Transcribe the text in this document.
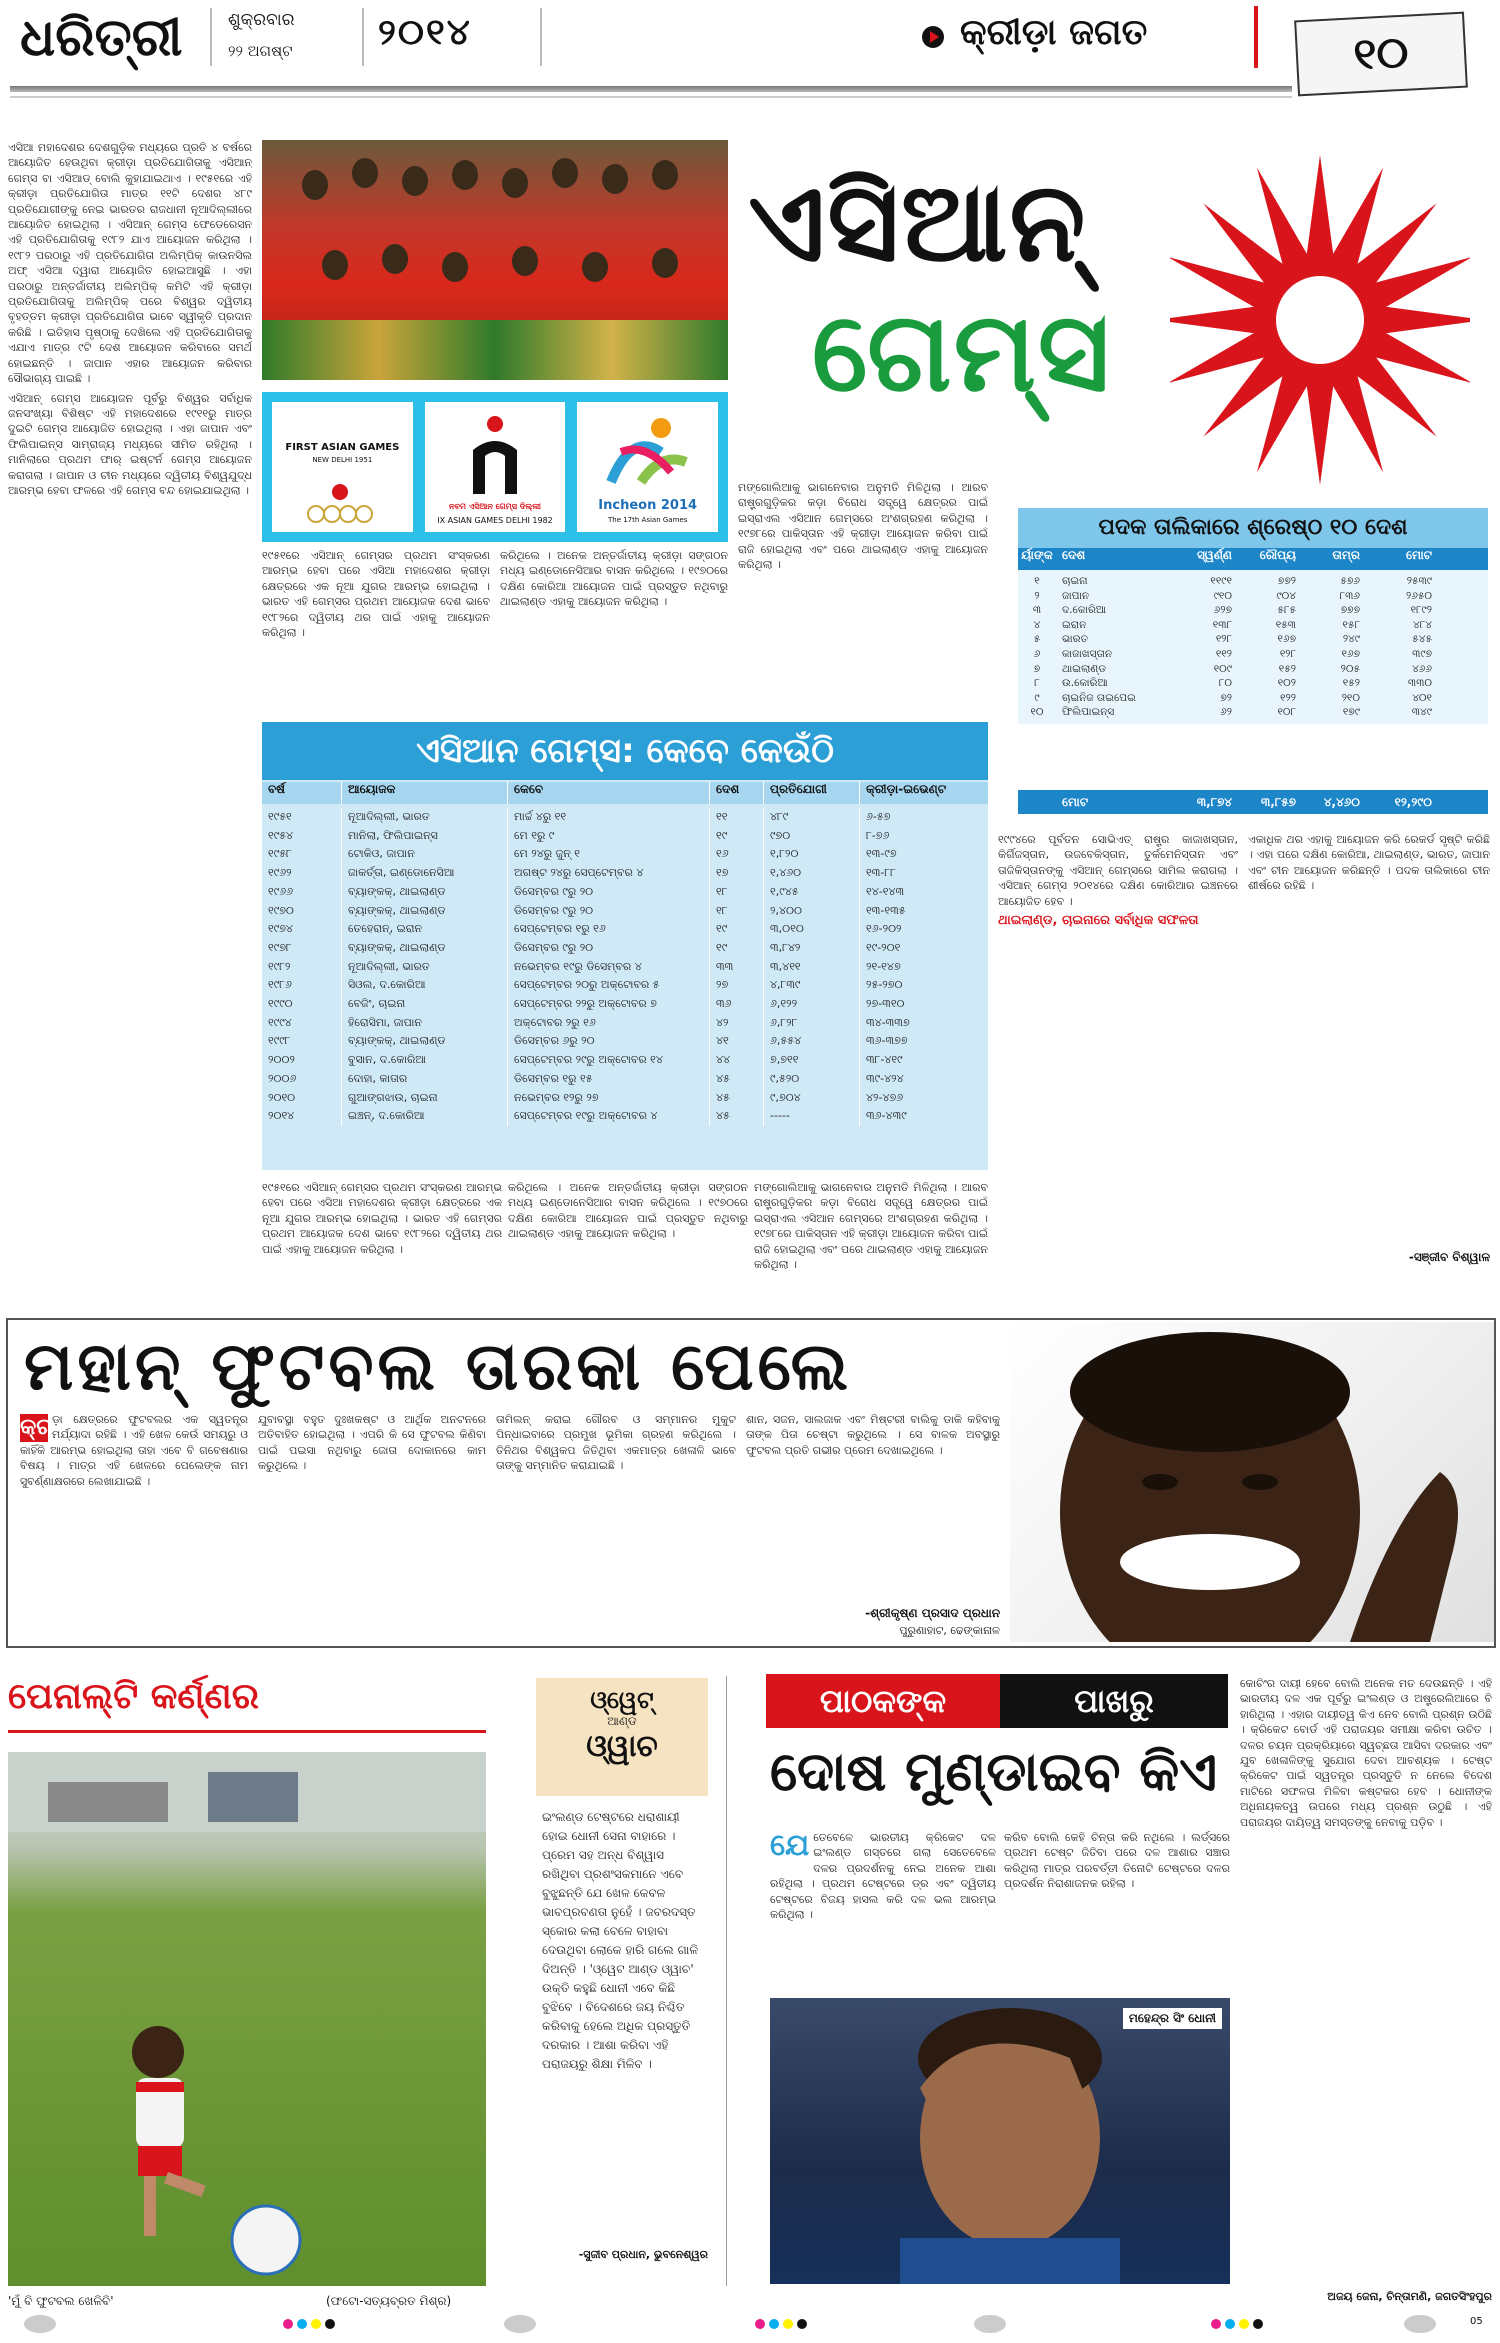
ଧରିତ୍ରୀ	ଶୁକ୍ରବାର
୨୨ ଅଗଷ୍ଟ ୨୦୧୪	କ୍ରୀଡ଼ା ଜଗତ	୧୦

ଏସିଆ ମହାଦେଶର ଦେଶଗୁଡ଼ିକ ମଧ୍ୟରେ ପ୍ରତି ୪ ବର୍ଷରେ ଆୟୋଜିତ ହେଉଥିବା କ୍ରୀଡ଼ା ପ୍ରତିଯୋଗିତାକୁ ଏସିଆନ୍ ଗେମ୍ସ ବା ଏସିଆଡ୍ ବୋଲି କୁହାଯାଇଥାଏ । ୧୯୫୧ରେ ଏହି କ୍ରୀଡ଼ା ପ୍ରତିଯୋଗିତା ମାତ୍ର ୧୧ଟି ଦେଶର ୪୮୯ ପ୍ରତିଯୋଗୀଙ୍କୁ ନେଇ ଭାରତର ରାଜଧାନୀ ନୂଆଦିଲ୍ଲୀରେ ଆୟୋଜିତ ହୋଇଥିଲା । ଏସିଆନ୍ ଗେମ୍ସ ଫେଡେରେସନ ଏହି ପ୍ରତିଯୋଗିତାକୁ ୧୯୮୨ ଯାଏ ଆୟୋଜନ କରିଥିଲା । ୧୯୮୨ ପରଠାରୁ ଏହି ପ୍ରତିଯୋଗିତା ଅଲିମ୍ପିକ୍ କାଉନସିଲ ଅଫ୍ ଏସିଆ ଦ୍ୱାରା ଆୟୋଜିତ ହୋଇଆସୁଛି । ଏହା ପରଠାରୁ ଅନ୍ତର୍ଜାତୀୟ ଅଲିମ୍ପିକ୍ କମିଟି ଏହି କ୍ରୀଡ଼ା ପ୍ରତିଯୋଗିତାକୁ ଅଲିମ୍ପିକ୍ ପରେ ବିଶ୍ୱର ଦ୍ୱିତୀୟ ବୃହତ୍ତମ କ୍ରୀଡ଼ା ପ୍ରତିଯୋଗିତା ଭାବେ ସ୍ୱୀକୃତି ପ୍ରଦାନ କରିଛି । ଇତିହାସ ପୃଷ୍ଠାକୁ ଦେଖିଲେ ଏହି ପ୍ରତିଯୋଗିତାକୁ ଏଯାଏ ମାତ୍ର ୯ଟି ଦେଶ ଆୟୋଜନ କରିବାରେ ସମର୍ଥ ହୋଇଛନ୍ତି । ଜାପାନ ଏହାର ଆୟୋଜନ କରିବାର ସୌଭାଗ୍ୟ ପାଇଛି ।

ଏସିଆନ୍ ଗେମ୍ସ ଆୟୋଜନ ପୂର୍ବରୁ ବିଶ୍ୱର ସର୍ବାଧିକ ଜନସଂଖ୍ୟା ବିଶିଷ୍ଟ ଏହି ମହାଦେଶରେ ୧୯୧୧ରୁ ମାତ୍ର ଦୁଇଟି ଗେମ୍ସ ଆୟୋଜିତ ହୋଇଥିଲା । ଏହା ଜାପାନ ଏବଂ ଫିଲିପାଇନ୍ସ ସାମ୍ରାଜ୍ୟ ମଧ୍ୟରେ ସୀମିତ ରହିଥିଲା । ମାନିଲାରେ ପ୍ରଥମ ଫାର୍ ଇଷ୍ଟର୍ନ ଗେମ୍ସ ଆୟୋଜନ କରାଗଲା । ଜାପାନ ଓ ଚୀନ ମଧ୍ୟରେ ଦ୍ୱିତୀୟ ବିଶ୍ୱଯୁଦ୍ଧ ଆରମ୍ଭ ହେବା ଫଳରେ ଏହି ଗେମ୍ସ ବନ୍ଦ ହୋଇଯାଇଥିଲା ।

FIRST ASIAN GAMES
NEW DELHI 1951
ନବମ ଏସିଆନ ଗେମ୍ସ ଦିଲ୍ଲୀ
IX ASIAN GAMES DELHI 1982
Incheon 2014
The 17th Asian Games
ଏସିଆନ୍
ଗେମ୍ସ

୧୯୫୧ରେ ଏସିଆନ୍ ଗେମ୍ସର ପ୍ରଥମ ସଂସ୍କରଣ ଆରମ୍ଭ ହେବା ପରେ ଏସିଆ ମହାଦେଶର କ୍ରୀଡ଼ା କ୍ଷେତ୍ରରେ ଏକ ନୂଆ ଯୁଗର ଆରମ୍ଭ ହୋଇଥିଲା । ଭାରତ ଏହି ଗେମ୍ସର ପ୍ରଥମ ଆୟୋଜକ ଦେଶ ଭାବେ ୧୯୮୨ରେ ଦ୍ୱିତୀୟ ଥର ପାଇଁ ଏହାକୁ ଆୟୋଜନ କରିଥିଲା ।

କରିଥିଲେ । ଅନେକ ଅନ୍ତର୍ଜାତୀୟ କ୍ରୀଡ଼ା ସଙ୍ଗଠନ ମଧ୍ୟ ଇଣ୍ଡୋନେସିଆର ବାସନ କରିଥିଲେ । ୧୯୭୦ରେ ଦକ୍ଷିଣ କୋରିଆ ଆୟୋଜନ ପାଇଁ ପ୍ରସ୍ତୁତ ନଥିବାରୁ ଥାଇଲାଣ୍ଡ ଏହାକୁ ଆୟୋଜନ କରିଥିଲା ।

ମଙ୍ଗୋଲିଆକୁ ଭାଗନେବାର ଅନୁମତି ମିଳିଥିଲା । ଆରବ ରାଷ୍ଟ୍ରଗୁଡ଼ିକର କଡ଼ା ବିରୋଧ ସତ୍ତ୍ୱେ କ୍ଷେତ୍ରର ପାଇଁ ଇସ୍ରାଏଲ ଏସିଆନ ଗେମ୍ସରେ ଅଂଶଗ୍ରହଣ କରିଥିଲା । ୧୯୭୮ରେ ପାକିସ୍ତାନ ଏହି କ୍ରୀଡ଼ା ଆୟୋଜନ କରିବା ପାଇଁ ରାଜି ହୋଇଥିଲା ଏବଂ ପରେ ଥାଇଲାଣ୍ଡ ଏହାକୁ ଆୟୋଜନ କରିଥିଲା ।

ପଦକ ତାଲିକାରେ ଶ୍ରେଷ୍ଠ ୧୦ ଦେଶ
ର୍ୟାଙ୍କ ଦେଶ	ସ୍ୱର୍ଣ୍ଣ	ରୌପ୍ୟ	ତାମ୍ର	ମୋଟ
୧	ଚାଇନା	୧୧୯୧	୭୭୨	୫୭୬	୨୫୩୯
୨	ଜାପାନ	୯୧୦	୯୦୪	୮୩୬	୨୬୫୦
୩	ଦ.କୋରିଆ	୬୨୭	୫୮୫	୭୭୭	୧୮୯୨
୪	ଇରାନ	୧୩୮	୧୫୩	୧୫୮	୪୮୪
୫	ଭାରତ	୧୨୮	୧୬୭	୨୪୯	୫୪୫
୬	କାଜାଖସ୍ତାନ	୧୧୨	୧୨୮	୧୬୭	୩୯୭
୭	ଥାଇଲାଣ୍ଡ	୧୦୯	୧୫୨	୨୦୫	୪୬୬
୮	ଉ.କୋରିଆ	୮୦	୧୦୨	୧୫୨	୩୩୦
୯	ଚାଇନିଜ ତାଇପେଇ	୭୨	୧୨୨	୨୧୦	୪୦୧
୧୦	ଫିଲିପାଇନ୍ସ	୬୨	୧୦୮	୧୭୯	୩୪୯
ମୋଟ	୩,୮୭୪	୩,୮୫୭	୪,୪୬୦	୧୨,୨୯୦
ଏସିଆନ ଗେମ୍ସ: କେବେ କେଉଁଠି
ବର୍ଷ	ଆୟୋଜକ	କେବେ	ଦେଶ	ପ୍ରତିଯୋଗୀ	କ୍ରୀଡ଼ା-ଇଭେଣ୍ଟ
୧୯୫୧	ନୂଆଦିଲ୍ଲୀ, ଭାରତ	ମାର୍ଚ୍ଚ ୪ରୁ ୧୧	୧୧	୪୮୯	୬-୫୭
୧୯୫୪	ମାନିଲା, ଫିଲିପାଇନ୍ସ	ମେ ୧ରୁ ୯	୧୯	୯୭୦	୮-୭୬
୧୯୫୮	ଟୋକିଓ, ଜାପାନ	ମେ ୨୪ରୁ ଜୁନ୍ ୧	୧୬	୧,୮୨୦	୧୩-୯୭
୧୯୬୨	ଜାକର୍ତ୍ତା, ଇଣ୍ଡୋନେସିଆ	ଅଗଷ୍ଟ ୨୪ରୁ ସେପ୍ଟେମ୍ବର ୪	୧୭	୧,୪୬୦	୧୩-୮୮
୧୯୬୬	ବ୍ୟାଙ୍କକ୍, ଥାଇଲାଣ୍ଡ	ଡିସେମ୍ବର ୯ରୁ ୨୦	୧୮	୧,୯୪୫	୧୪-୧୪୩
୧୯୭୦	ବ୍ୟାଙ୍କକ୍, ଥାଇଲାଣ୍ଡ	ଡିସେମ୍ବର ୯ରୁ ୨୦	୧୮	୨,୪୦୦	୧୩-୧୩୫
୧୯୭୪	ତେହେରାନ୍, ଇରାନ	ସେପ୍ଟେମ୍ବର ୧ରୁ ୧୬	୧୯	୩,୦୧୦	୧୬-୨୦୨
୧୯୭୮	ବ୍ୟାଙ୍କକ୍, ଥାଇଲାଣ୍ଡ	ଡିସେମ୍ବର ୯ରୁ ୨୦	୧୯	୩,୮୪୨	୧୯-୨୦୧
୧୯୮୨	ନୂଆଦିଲ୍ଲୀ, ଭାରତ	ନଭେମ୍ବର ୧୯ରୁ ଡିସେମ୍ବର ୪	୩୩	୩,୪୧୧	୨୧-୧୪୭
୧୯୮୬	ସିଓଲ, ଦ.କୋରିଆ	ସେପ୍ଟେମ୍ବର ୨୦ରୁ ଅକ୍ଟୋବର ୫	୨୭	୪,୮୩୯	୨୫-୨୭୦
୧୯୯୦	ବେଜିଂ, ଚାଇନା	ସେପ୍ଟେମ୍ବର ୨୨ରୁ ଅକ୍ଟୋବର ୭	୩୬	୬,୧୨୨	୨୭-୩୧୦
୧୯୯୪	ହିରୋସିମା, ଜାପାନ	ଅକ୍ଟୋବର ୨ରୁ ୧୬	୪୨	୬,୮୨୮	୩୪-୩୩୭
୧୯୯୮	ବ୍ୟାଙ୍କକ୍, ଥାଇଲାଣ୍ଡ	ଡିସେମ୍ବର ୬ରୁ ୨୦	୪୧	୬,୫୫୪	୩୬-୩୭୭
୨୦୦୨	ବୁସାନ, ଦ.କୋରିଆ	ସେପ୍ଟେମ୍ବର ୨୯ରୁ ଅକ୍ଟୋବର ୧୪	୪୪	୭,୭୧୧	୩୮-୪୧୯
୨୦୦୬	ଦୋହା, କାତାର	ଡିସେମ୍ବର ୧ରୁ ୧୫	୪୫	୯,୫୨୦	୩୯-୪୨୪
୨୦୧୦	ଗୁଆଙ୍ଗଝାଉ, ଚାଇନା	ନଭେମ୍ବର ୧୨ରୁ ୨୭	୪୫	୯,୭୦୪	୪୨-୪୭୬
୨୦୧୪	ଇଞ୍ଚନ୍, ଦ.କୋରିଆ	ସେପ୍ଟେମ୍ବର ୧୯ରୁ ଅକ୍ଟୋବର ୪	୪୫	-----	୩୬-୪୩୯

୧୯୯୪ରେ ପୂର୍ବତନ ସୋଭିଏତ୍ ରାଷ୍ଟ୍ର କାଜାଖସ୍ତାନ, କିର୍ଗିଜସ୍ତାନ, ଉଜବେକିସ୍ତାନ, ତୁର୍କମେନିସ୍ତାନ ଏବଂ ତାଜିକିସ୍ତାନଙ୍କୁ ଏସିଆନ୍ ଗେମ୍ସରେ ସାମିଲ କରାଗଲା । ଏସିଆନ୍ ଗେମ୍ସ ୨୦୧୪ରେ ଦକ୍ଷିଣ କୋରିଆର ଇଞ୍ଚନରେ ଆୟୋଜିତ ହେବ ।

ଥାଇଲାଣ୍ଡ, ଚାଇନାରେ ସର୍ବାଧିକ ସଫଳତା

ଏକାଧିକ ଥର ଏହାକୁ ଆୟୋଜନ କରି ରେକର୍ଡ ସୃଷ୍ଟି କରିଛି । ଏହା ପରେ ଦକ୍ଷିଣ କୋରିଆ, ଥାଇଲାଣ୍ଡ, ଭାରତ, ଜାପାନ ଏବଂ ଚୀନ ଆୟୋଜନ କରିଛନ୍ତି । ପଦକ ତାଲିକାରେ ଚୀନ ଶୀର୍ଷରେ ରହିଛି ।

-ସଞ୍ଜୀବ ବିଶ୍ୱାଳ

୧୯୫୧ରେ ଏସିଆନ୍ ଗେମ୍ସର ପ୍ରଥମ ସଂସ୍କରଣ ଆରମ୍ଭ ହେବା ପରେ ଏସିଆ ମହାଦେଶର କ୍ରୀଡ଼ା କ୍ଷେତ୍ରରେ ଏକ ନୂଆ ଯୁଗର ଆରମ୍ଭ ହୋଇଥିଲା । ଭାରତ ଏହି ଗେମ୍ସର ପ୍ରଥମ ଆୟୋଜକ ଦେଶ ଭାବେ ୧୯୮୨ରେ ଦ୍ୱିତୀୟ ଥର ପାଇଁ ଏହାକୁ ଆୟୋଜନ କରିଥିଲା ।

କରିଥିଲେ । ଅନେକ ଅନ୍ତର୍ଜାତୀୟ କ୍ରୀଡ଼ା ସଙ୍ଗଠନ ମଧ୍ୟ ଇଣ୍ଡୋନେସିଆର ବାସନ କରିଥିଲେ । ୧୯୭୦ରେ ଦକ୍ଷିଣ କୋରିଆ ଆୟୋଜନ ପାଇଁ ପ୍ରସ୍ତୁତ ନଥିବାରୁ ଥାଇଲାଣ୍ଡ ଏହାକୁ ଆୟୋଜନ କରିଥିଲା ।

ମଙ୍ଗୋଲିଆକୁ ଭାଗନେବାର ଅନୁମତି ମିଳିଥିଲା । ଆରବ ରାଷ୍ଟ୍ରଗୁଡ଼ିକର କଡ଼ା ବିରୋଧ ସତ୍ତ୍ୱେ କ୍ଷେତ୍ରର ପାଇଁ ଇସ୍ରାଏଲ ଏସିଆନ ଗେମ୍ସରେ ଅଂଶଗ୍ରହଣ କରିଥିଲା । ୧୯୭୮ରେ ପାକିସ୍ତାନ ଏହି କ୍ରୀଡ଼ା ଆୟୋଜନ କରିବା ପାଇଁ ରାଜି ହୋଇଥିଲା ଏବଂ ପରେ ଥାଇଲାଣ୍ଡ ଏହାକୁ ଆୟୋଜନ କରିଥିଲା ।

ମହାନ୍ ଫୁଟବଲ ତାରକା ପେଲେ
କ୍ରୀ
ଡ଼ା କ୍ଷେତ୍ରରେ ଫୁଟବଲର ଏକ ସ୍ୱତନ୍ତ୍ର ମର୍ଯ୍ୟାଦା ରହିଛି । ଏହି ଖେଳ କେଉଁ ସମୟରୁ ଓ କାହିଁକି ଆରମ୍ଭ ହୋଇଥିଲା ତାହା ଏବେ ବି ଗବେଷଣାର ବିଷୟ । ମାତ୍ର ଏହି ଖେଳରେ ପେଲେଙ୍କ ନାମ ସୁବର୍ଣ୍ଣାକ୍ଷରରେ ଲେଖାଯାଇଛି ।

ଯୁବାବସ୍ଥା ବହୁତ ଦୁଃଖକଷ୍ଟ ଓ ଆର୍ଥିକ ଅନଟନରେ ଅତିବାହିତ ହୋଇଥିଲା । ଏପରି କି ସେ ଫୁଟବଲ କିଣିବା ପାଇଁ ପଇସା ନଥିବାରୁ ଜୋତା ଦୋକାନରେ କାମ କରୁଥିଲେ ।

ତାମିଲନ୍ କରାଇ ଗୌରବ ଓ ସମ୍ମାନର ମୁକୁଟ ପିନ୍ଧାଇବାରେ ପ୍ରମୁଖ ଭୂମିକା ଗ୍ରହଣ କରିଥିଲେ । ତିନିଥର ବିଶ୍ୱକପ ଜିତିଥିବା ଏକମାତ୍ର ଖେଳାଳି ଭାବେ ତାଙ୍କୁ ସମ୍ମାନିତ କରାଯାଇଛି ।

ଶାନ, ସଜନ, ସାଲଜାକ ଏବଂ ମିଷ୍ଟରୀ ବାଲିକୁ ଡାକି କହିବାକୁ ତାଙ୍କ ପିତା ଚେଷ୍ଟା କରୁଥିଲେ । ସେ ବାଳକ ଅବସ୍ଥାରୁ ଫୁଟବଲ ପ୍ରତି ଗଭୀର ପ୍ରେମ ଦେଖାଇଥିଲେ ।

-ଶ୍ରୀକୃଷ୍ଣ ପ୍ରସାଦ ପ୍ରଧାନ
ପୁରୁଣାହାଟ, ଢେଙ୍କାନାଳ
ପେନାଲ୍ଟି କର୍ଣ୍ଣର
'ମୁଁ ବି ଫୁଟବଲ ଖେଳିବି'	(ଫଟୋ-ସତ୍ୟବ୍ରତ ମିଶ୍ର)
ଓ୍ୱେଟ୍
ଆଣ୍ଡ
ଓ୍ୱାଚ
ଇଂଲଣ୍ଡ ଟେଷ୍ଟରେ ଧରାଶାୟୀ ହୋଇ ଧୋନୀ ସେନା ବାହାରେ । ପ୍ରେମ ସହ ଅନ୍ଧ ବିଶ୍ୱାସ ରଖିଥିବା ପ୍ରଶଂସକମାନେ ଏବେ ବୁଝୁଛନ୍ତି ଯେ ଖେଳ କେବଳ ଭାବପ୍ରବଣତା ନୁହେଁ । ଜବରଦସ୍ତ ସ୍କୋର କଲା ବେଳେ ବାହାବା ଦେଉଥିବା ଲୋକେ ହାରି ଗଲେ ଗାଳି ଦିଅନ୍ତି । 'ଓ୍ୱେଟ ଆଣ୍ଡ ଓ୍ୱାଚ' ଉକ୍ତି କହୁଛି ଧୋନୀ ଏବେ କିଛି ବୁଝିବେ । ବିଦେଶରେ ଜୟ ନିଶ୍ଚିତ କରିବାକୁ ହେଲେ ଅଧିକ ପ୍ରସ୍ତୁତି ଦରକାର । ଆଶା କରିବା ଏହି ପରାଜୟରୁ ଶିକ୍ଷା ମିଳିବ ।
-ସୁଜୀବ ପ୍ରଧାନ, ଭୁବନେଶ୍ୱର
ପାଠକଙ୍କ	ପାଖରୁ
ଦୋଷ ମୁଣ୍ଡାଇବ କିଏ
ଯେତେବେଳେ ଭାରତୀୟ କ୍ରିକେଟ ଦଳ ଇଂଲଣ୍ଡ ଗସ୍ତରେ ଗଲା ସେତେବେଳେ ଦଳର ପ୍ରଦର୍ଶନକୁ ନେଇ ଅନେକ ଆଶା ରହିଥିଲା । ପ୍ରଥମ ଟେଷ୍ଟରେ ଡ୍ର ଏବଂ ଦ୍ୱିତୀୟ ଟେଷ୍ଟରେ ବିଜୟ ହାସଲ କରି ଦଳ ଭଲ ଆରମ୍ଭ କରିଥିଲା ।

କରିବ ବୋଲି କେହି ଚିନ୍ତା କରି ନଥିଲେ । ଲର୍ଡ୍ସରେ ପ୍ରଥମ ଟେଷ୍ଟ ଜିତିବା ପରେ ଦଳ ଆଶାର ସଞ୍ଚାର କରିଥିଲା ମାତ୍ର ପରବର୍ତ୍ତୀ ତିନୋଟି ଟେଷ୍ଟରେ ଦଳର ପ୍ରଦର୍ଶନ ନିରାଶାଜନକ ରହିଲା ।

ମହେନ୍ଦ୍ର ସିଂ ଧୋନୀ

କୋଚିଂର ଦାୟୀ ହେବେ ବୋଲି ଅନେକ ମତ ଦେଉଛନ୍ତି । ଏହି ଭାରତୀୟ ଦଳ ଏକ ପୂର୍ବରୁ ଇଂଲଣ୍ଡ ଓ ଅଷ୍ଟ୍ରେଲିଆରେ ବି ହାରିଥିଲା । ଏହାର ଦାୟୀତ୍ୱ କିଏ ନେବ ବୋଲି ପ୍ରଶ୍ନ ଉଠିଛି । କ୍ରିକେଟ ବୋର୍ଡ ଏହି ପରାଜୟର ସମୀକ୍ଷା କରିବା ଉଚିତ । ଦଳର ଚୟନ ପ୍ରକ୍ରିୟାରେ ସ୍ୱଚ୍ଛତା ଆସିବା ଦରକାର ଏବଂ ଯୁବ ଖେଳାଳିଙ୍କୁ ସୁଯୋଗ ଦେବା ଆବଶ୍ୟକ । ଟେଷ୍ଟ କ୍ରିକେଟ ପାଇଁ ସ୍ୱତନ୍ତ୍ର ପ୍ରସ୍ତୁତି ନ ନେଲେ ବିଦେଶ ମାଟିରେ ସଫଳତା ମିଳିବା କଷ୍ଟକର ହେବ । ଧୋନୀଙ୍କ ଅଧିନାୟକତ୍ୱ ଉପରେ ମଧ୍ୟ ପ୍ରଶ୍ନ ଉଠୁଛି । ଏହି ପରାଜୟର ଦାୟିତ୍ୱ ସମସ୍ତଙ୍କୁ ନେବାକୁ ପଡ଼ିବ ।

ଅଜୟ ଜେନା, ଚିନ୍ତାମଣି, ଜଗତସିଂହପୁର
05
